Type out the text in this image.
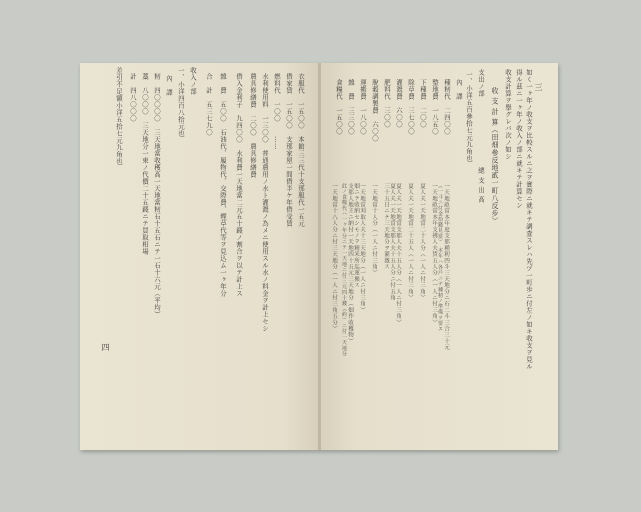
三
如く一ヶ年ノ收支ヲ比較スルニ之ヲ實際ニ就キテ調査スレハ先ヅ一町歩ニ付左ノ如キ收支ヲ見ル
得ル茲ニ一ヶ年ノ收入ノ部ニ就キテ計算セン
收支計算ヲ擧グレバ次ノ如シ
收 支 計 算（田畑參反地貳一町八反步）
支出ノ部　　　　　　　　　　總 支 出 高
一、小洋五百參拾七元九角也
內　譯
種籾代　二四〇〇
整地費　一八五〇
下種費　二〇〇
除草費　三七〇〇
灌漑費　六〇〇
肥料代　三〇〇
脫穀調製費　六〇〇
運搬費　一八〇〇
雜　費　三三〇〇
食糧代　一五〇〇
一天地畝當本年度支那種籾四斗三天地分ニ石二斗三合三十元
（一斗ニ付金拾錢見當）　本年ハ各戶ニテ種籾ノ準備ヲ要ス
一天地畝當本年支拂人夫賃五人分（一人ニ付三角）
夏人夫一天地當二十人分（一人ニ付三角）
夏人夫一天地當二十五人（一人ニ付三角）
夏人夫一天地當支那人夫十五人分（一人ニ付三角）
夏人夫一天地當支那人夫十五人分ニ付五角
三十五日ニテ三天地分ヲ灌漑ス
一天地當十人分（一人ニ付三角）
一天地當刈取人夫十三天地分（一人ニ付三角）
畑ニテ收納セシモノヲ精米所迄運搬ス
支那人地主ニ納付一天地四十五元三天地分（畑作收穫物）
此ノ食糧代ハ一ヶ年分ニテ一天地ニ付三元四十錢（約）ニ付一天地分
一天地當十八人分ニ付三天地分（一人ニ付三角五分）
四
衣服代　一五〇〇　本館三三代十支那服代一五元
借家賃　一五〇〇　支那家屋一間借半ケ年借受賃
燃料代　一〇〇　　……
水利使用料　一三〇〇　普通農用ノ水ト灌漑ノ為メニ使用スル水ノ料金ヲ計上セシ
農具修繕費　二〇〇　農具修繕費
借入金利子　九四〇〇　水利費一天地當二元五十錢ノ割合ヲ以テ計上ス
雜　費　五〇〇　石油代、履物代、交際費、煙草代等ヲ見込ム一ヶ年分
合　計　五三七九〇
收入ノ部
一、小洋四百八拾元也
內　譯
籾　四〇〇〇〇　三天地當收穫高一天地當籾石十五石ニテ一石十六元（平均）
藁　八〇〇〇　三天地分一束ノ代價二十五錢ニテ買取相場
計　四八〇〇〇
差引不足額小洋五拾七元九角也
